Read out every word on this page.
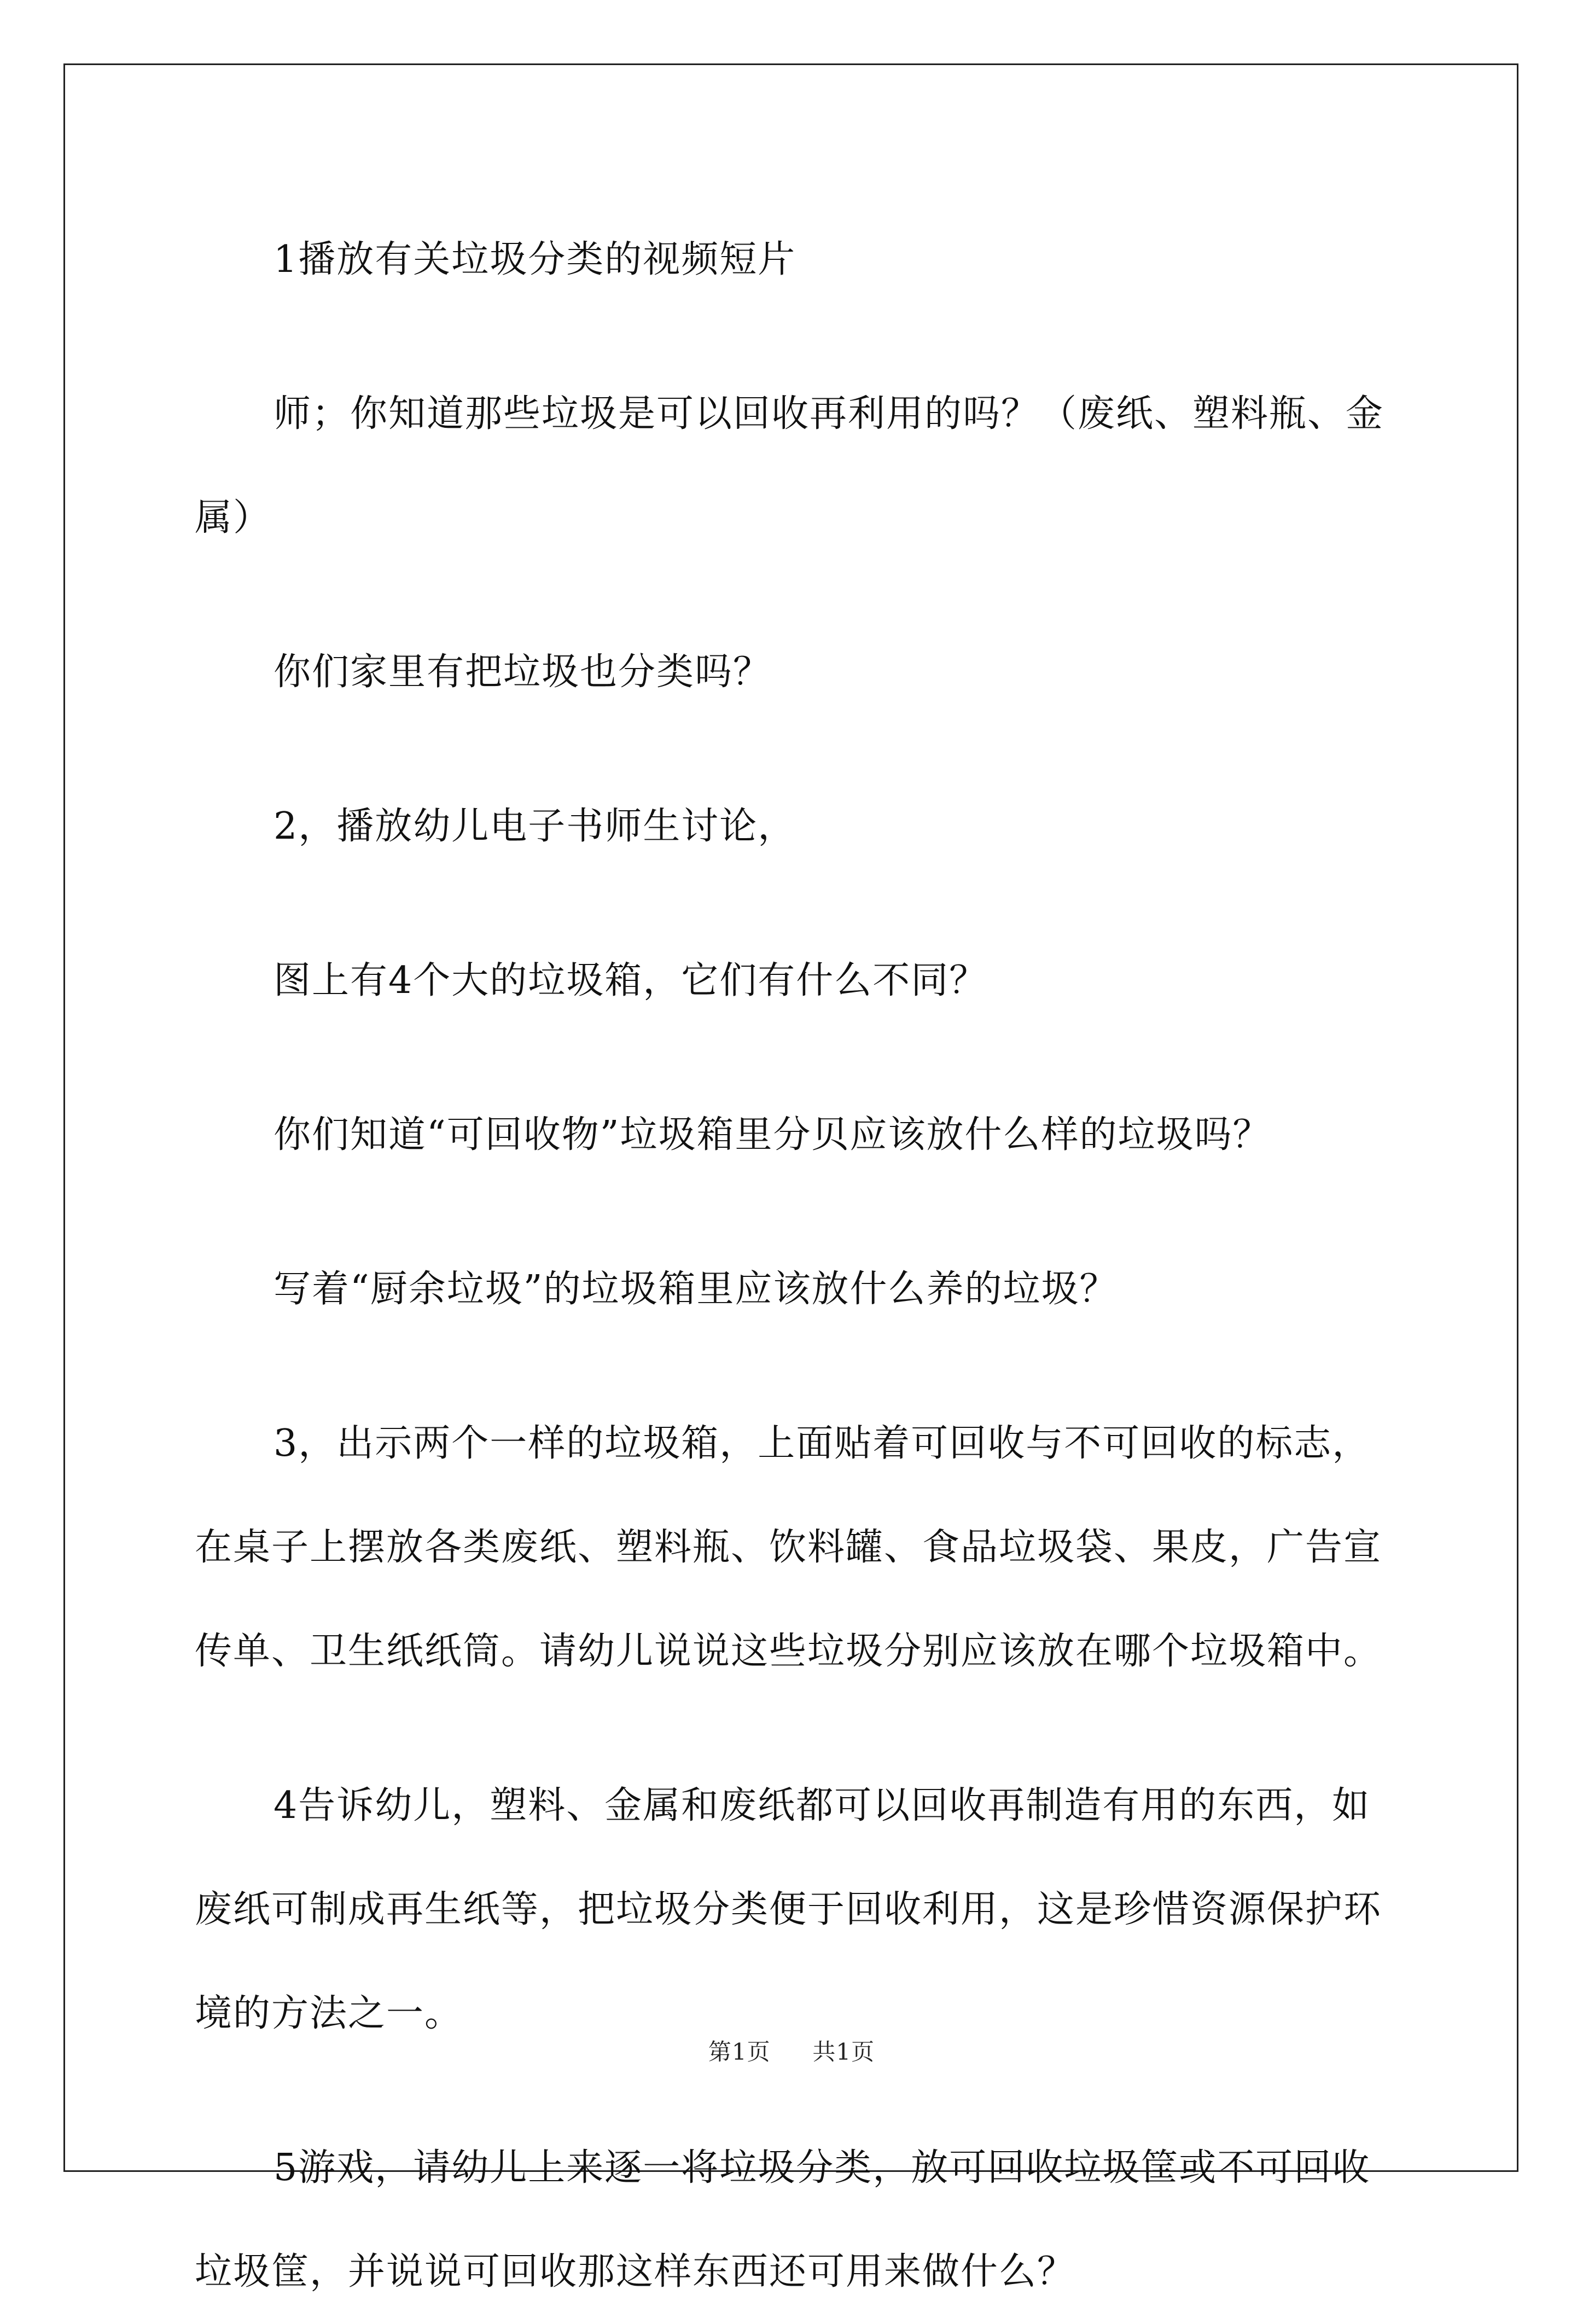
1播放有关垃圾分类的视频短片

师；你知道那些垃圾是可以回收再利用的吗？（废纸、塑料瓶、金属）

你们家里有把垃圾也分类吗？

2，播放幼儿电子书师生讨论，

图上有4个大的垃圾箱，它们有什么不同？

你们知道“可回收物”垃圾箱里分贝应该放什么样的垃圾吗？

写着“厨余垃圾”的垃圾箱里应该放什么养的垃圾？

3，出示两个一样的垃圾箱，上面贴着可回收与不可回收的标志，在桌子上摆放各类废纸、塑料瓶、饮料罐、食品垃圾袋、果皮，广告宣传单、卫生纸纸筒。请幼儿说说这些垃圾分别应该放在哪个垃圾箱中。

4告诉幼儿，塑料、金属和废纸都可以回收再制造有用的东西，如废纸可制成再生纸等，把垃圾分类便于回收利用，这是珍惜资源保护环境的方法之一。

5游戏，请幼儿上来逐一将垃圾分类，放可回收垃圾筐或不可回收垃圾筐，并说说可回收那这样东西还可用来做什么？

第1页 共1页
